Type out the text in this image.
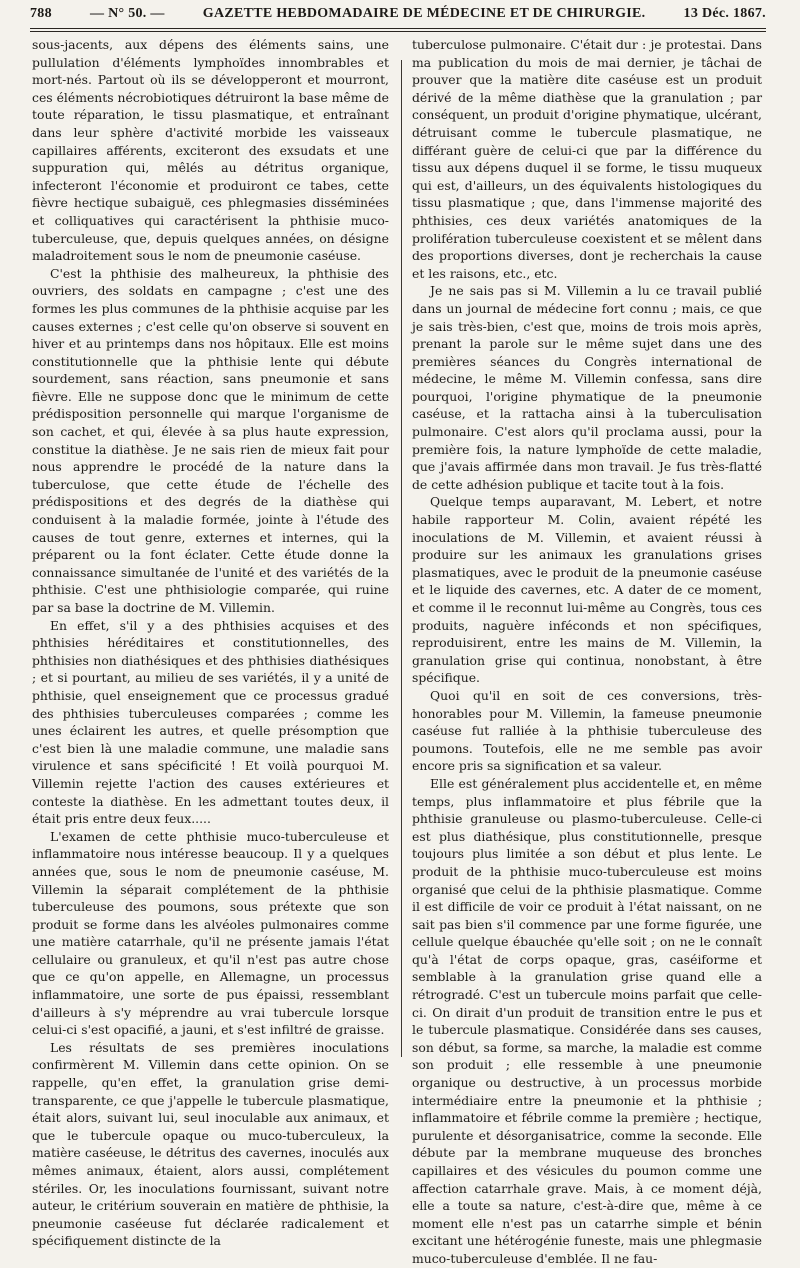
788	— N° 50. —	GAZETTE HEBDOMADAIRE DE MÉDECINE ET DE CHIRURGIE.	13 Déc. 1867.

sous-jacents, aux dépens des éléments sains, une pullulation d'éléments lymphoïdes innombrables et mort-nés. Partout où ils se développeront et mourront, ces éléments nécrobiotiques détruiront la base même de toute réparation, le tissu plasmatique, et entraînant dans leur sphère d'activité morbide les vaisseaux capillaires afférents, exciteront des exsudats et une suppuration qui, mêlés au détritus organique, infecteront l'économie et produiront ce tabes, cette fièvre hectique subaiguë, ces phlegmasies disséminées et colliquatives qui caractérisent la phthisie muco-tuberculeuse, que, depuis quelques années, on désigne maladroitement sous le nom de pneumonie caséuse.

C'est la phthisie des malheureux, la phthisie des ouvriers, des soldats en campagne ; c'est une des formes les plus communes de la phthisie acquise par les causes externes ; c'est celle qu'on observe si souvent en hiver et au printemps dans nos hôpitaux. Elle est moins constitutionnelle que la phthisie lente qui débute sourdement, sans réaction, sans pneumonie et sans fièvre. Elle ne suppose donc que le minimum de cette prédisposition personnelle qui marque l'organisme de son cachet, et qui, élevée à sa plus haute expression, constitue la diathèse. Je ne sais rien de mieux fait pour nous apprendre le procédé de la nature dans la tuberculose, que cette étude de l'échelle des prédispositions et des degrés de la diathèse qui conduisent à la maladie formée, jointe à l'étude des causes de tout genre, externes et internes, qui la préparent ou la font éclater. Cette étude donne la connaissance simultanée de l'unité et des variétés de la phthisie. C'est une phthisiologie comparée, qui ruine par sa base la doctrine de M. Villemin.

En effet, s'il y a des phthisies acquises et des phthisies héréditaires et constitutionnelles, des phthisies non diathésiques et des phthisies diathésiques ; et si pourtant, au milieu de ses variétés, il y a unité de phthisie, quel enseignement que ce processus gradué des phthisies tuberculeuses comparées ; comme les unes éclairent les autres, et quelle présomption que c'est bien là une maladie commune, une maladie sans virulence et sans spécificité ! Et voilà pourquoi M. Villemin rejette l'action des causes extérieures et conteste la diathèse. En les admettant toutes deux, il était pris entre deux feux.....

L'examen de cette phthisie muco-tuberculeuse et inflammatoire nous intéresse beaucoup. Il y a quelques années que, sous le nom de pneumonie caséuse, M. Villemin la séparait complétement de la phthisie tuberculeuse des poumons, sous prétexte que son produit se forme dans les alvéoles pulmonaires comme une matière catarrhale, qu'il ne présente jamais l'état cellulaire ou granuleux, et qu'il n'est pas autre chose que ce qu'on appelle, en Allemagne, un processus inflammatoire, une sorte de pus épaissi, ressemblant d'ailleurs à s'y méprendre au vrai tubercule lorsque celui-ci s'est opacifié, a jauni, et s'est infiltré de graisse.

Les résultats de ses premières inoculations confirmèrent M. Villemin dans cette opinion. On se rappelle, qu'en effet, la granulation grise demi-transparente, ce que j'appelle le tubercule plasmatique, était alors, suivant lui, seul inoculable aux animaux, et que le tubercule opaque ou muco-tuberculeux, la matière caséeuse, le détritus des cavernes, inoculés aux mêmes animaux, étaient, alors aussi, complétement stériles. Or, les inoculations fournissant, suivant notre auteur, le critérium souverain en matière de phthisie, la pneumonie caséeuse fut déclarée radicalement et spécifiquement distincte de la

tuberculose pulmonaire. C'était dur : je protestai. Dans ma publication du mois de mai dernier, je tâchai de prouver que la matière dite caséuse est un produit dérivé de la même diathèse que la granulation ; par conséquent, un produit d'origine phymatique, ulcérant, détruisant comme le tubercule plasmatique, ne différant guère de celui-ci que par la différence du tissu aux dépens duquel il se forme, le tissu muqueux qui est, d'ailleurs, un des équivalents histologiques du tissu plasmatique ; que, dans l'immense majorité des phthisies, ces deux variétés anatomiques de la prolifération tuberculeuse coexistent et se mêlent dans des proportions diverses, dont je recherchais la cause et les raisons, etc., etc.

Je ne sais pas si M. Villemin a lu ce travail publié dans un journal de médecine fort connu ; mais, ce que je sais très-bien, c'est que, moins de trois mois après, prenant la parole sur le même sujet dans une des premières séances du Congrès international de médecine, le même M. Villemin confessa, sans dire pourquoi, l'origine phymatique de la pneumonie caséuse, et la rattacha ainsi à la tuberculisation pulmonaire. C'est alors qu'il proclama aussi, pour la première fois, la nature lymphoïde de cette maladie, que j'avais affirmée dans mon travail. Je fus très-flatté de cette adhésion publique et tacite tout à la fois.

Quelque temps auparavant, M. Lebert, et notre habile rapporteur M. Colin, avaient répété les inoculations de M. Villemin, et avaient réussi à produire sur les animaux les granulations grises plasmatiques, avec le produit de la pneumonie caséuse et le liquide des cavernes, etc. A dater de ce moment, et comme il le reconnut lui-même au Congrès, tous ces produits, naguère inféconds et non spécifiques, reproduisirent, entre les mains de M. Villemin, la granulation grise qui continua, nonobstant, à être spécifique.

Quoi qu'il en soit de ces conversions, très-honorables pour M. Villemin, la fameuse pneumonie caséuse fut ralliée à la phthisie tuberculeuse des poumons. Toutefois, elle ne me semble pas avoir encore pris sa signification et sa valeur.

Elle est généralement plus accidentelle et, en même temps, plus inflammatoire et plus fébrile que la phthisie granuleuse ou plasmo-tuberculeuse. Celle-ci est plus diathésique, plus constitutionnelle, presque toujours plus limitée a son début et plus lente. Le produit de la phthisie muco-tuberculeuse est moins organisé que celui de la phthisie plasmatique. Comme il est difficile de voir ce produit à l'état naissant, on ne sait pas bien s'il commence par une forme figurée, une cellule quelque ébauchée qu'elle soit ; on ne le connaît qu'à l'état de corps opaque, gras, caséiforme et semblable à la granulation grise quand elle a rétrogradé. C'est un tubercule moins parfait que celle-ci. On dirait d'un produit de transition entre le pus et le tubercule plasmatique. Considérée dans ses causes, son début, sa forme, sa marche, la maladie est comme son produit ; elle ressemble à une pneumonie organique ou destructive, à un processus morbide intermédiaire entre la pneumonie et la phthisie ; inflammatoire et fébrile comme la première ; hectique, purulente et désorganisatrice, comme la seconde. Elle débute par la membrane muqueuse des bronches capillaires et des vésicules du poumon comme une affection catarrhale grave. Mais, à ce moment déjà, elle a toute sa nature, c'est-à-dire que, même à ce moment elle n'est pas un catarrhe simple et bénin excitant une hétérogénie funeste, mais une phlegmasie muco-tuberculeuse d'emblée. Il ne fau-
